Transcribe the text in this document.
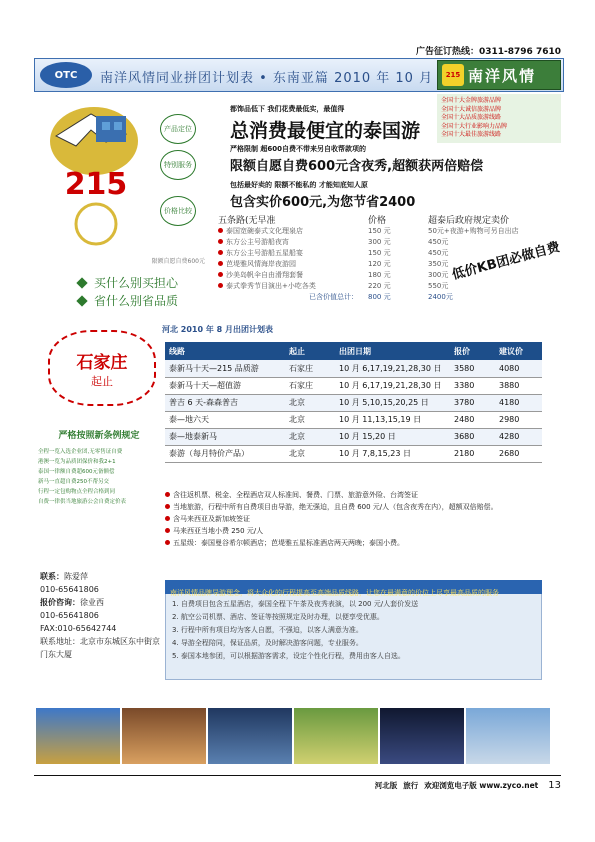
广告征订热线：0311-8796 7610
OTC	南洋风情同业拼团计划表 • 东南亚篇 2010 年 10 月	215 南洋风情
全国十大金牌旅游品牌
全国十大诚信旅游品牌
全国十大品质旅游线路
全国十大行业影响力品牌
全国十大最佳旅游线路
215
产品定位
特别服务
价格比较
都饰品低下 我们花费最低实，最值得
总消费最便宜的泰国游
严格限制 超600自费不带来另自收帮款项的
限额自愿自费600元含夜秀,超额获两倍赔偿
包括最好卖的 限额不能私的 才能知底知人原
包含实价600元,为您节省2400
五条路(无早准	价格	超泰后政府规定卖价
泰国宽碗泰式文化理泉店	150 元	50元+夜游+购物可另自出店
东方公主号游船夜宵	300 元	450元
东方公主号游船五星船宴	150 元	450元
芭堤雅风情海岸夜游园	120 元	350元
沙美岛帆伞自由滑翔套餐	180 元	300元
泰式拳秀节目演出+小吃各类	220 元	550元
已含价值总计：	800 元	2400元
低价KB团必做自费
限额自愿自费600元
买什么别买担心
省什么别省品质
石家庄
起止
严格按照新条例规定
全程一览入选企业团,无零售证自费
港澳一览为品质团保价和我2+1
泰国一律额自费超600元备额偿
新马一直超自费250不帮另交
行程一定包购物点全程合格到同
自费一律供当地旅游公会自费定价表
河北 2010 年 8 月出团计划表
线路	起止	出团日期	报价	建议价
泰新马十天—215 品质游	石家庄	10 月 6,17,19,21,28,30 日	3580	4080
泰新马十天—超值游	石家庄	10 月 6,17,19,21,28,30 日	3380	3880
普吉 6 天-森森普吉	北京	10 月 5,10,15,20,25 日	3780	4180
泰—地六天	北京	10 月 11,13,15,19 日	2480	2980
泰—地泰新马	北京	10 月 15,20 日	3680	4280
泰游（每月特价产品）	北京	10 月 7,8,15,23 日	2180	2680
含往返机票、税金、全程酒店双人标准间、餐费、门票、旅游意外险、台湾签证
当地旅游，行程中所有自费项目由导游，绝无强迫，且自费 600 元/人（包含夜秀在内），超额双倍赔偿。
含马来西亚及新加坡签证
马来西亚当地小费 250 元/人
五星级：泰国曼谷希尔顿酒店；芭堤雅五星标准酒店两天两晚；泰国小费。
联系：陈爱萍
010-65641806
报价咨询：徐业西
010-65641806
FAX:010-65642744
联系地址：北京市东城区东中街京门东大厦
南洋风情品牌导游理念，将大众化的行程提高至高端品质线路，让您在最满意的价位上尽享最高品质的服务
1. 自费项目包含五星酒店，泰国全程下午茶及夜秀表演，以 200 元/人套价发送
2. 航空公司机票、酒店、签证等按照规定及时办理，以便享受优惠。
3. 行程中所有项目均为客人自愿，不强迫，以客人满意为准。
4. 导游全程陪同，保证品质，及时解决游客问题，专业服务。
5. 泰国本地参团，可以根据游客需求，设定个性化行程，费用由客人自选。
河北版 旅行 欢迎浏览电子版 www.zyco.net 13
